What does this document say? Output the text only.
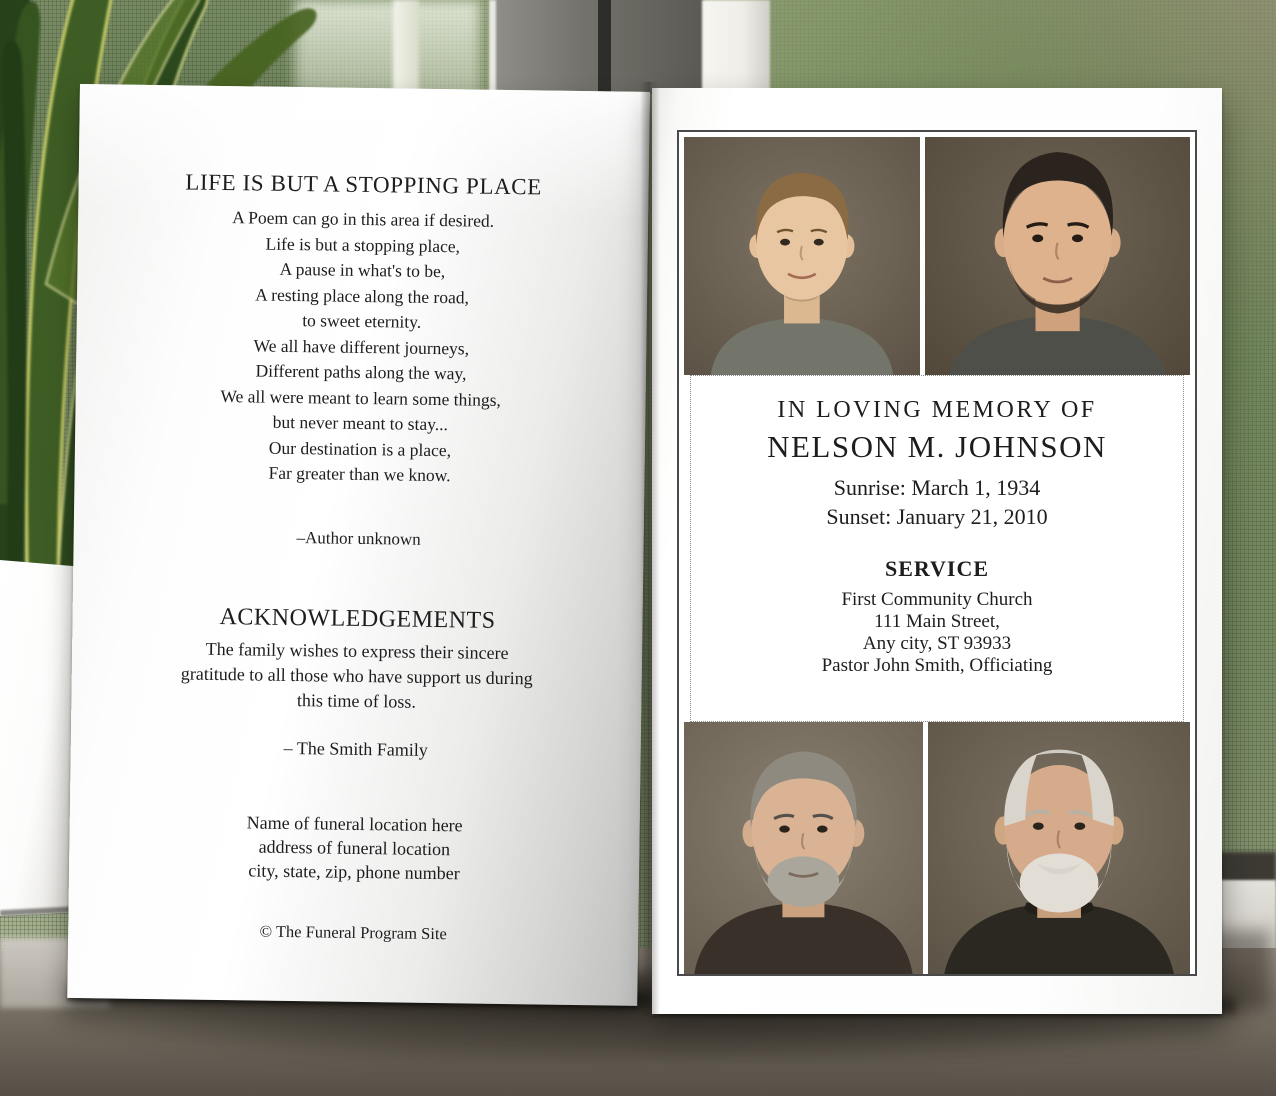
LIFE IS BUT A STOPPING PLACE
A Poem can go in this area if desired.
Life is but a stopping place,
A pause in what's to be,
A resting place along the road,
to sweet eternity.
We all have different journeys,
Different paths along the way,
We all were meant to learn some things,
but never meant to stay...
Our destination is a place,
Far greater than we know.
–Author unknown
ACKNOWLEDGEMENTS
The family wishes to express their sincere
gratitude to all those who have support us during
this time of loss.
– The Smith Family
Name of funeral location here
address of funeral location
city, state, zip, phone number
© The Funeral Program Site
IN LOVING MEMORY OF
NELSON M. JOHNSON
Sunrise: March 1, 1934
Sunset: January 21, 2010
SERVICE
First Community Church
111 Main Street,
Any city, ST 93933
Pastor John Smith, Officiating
